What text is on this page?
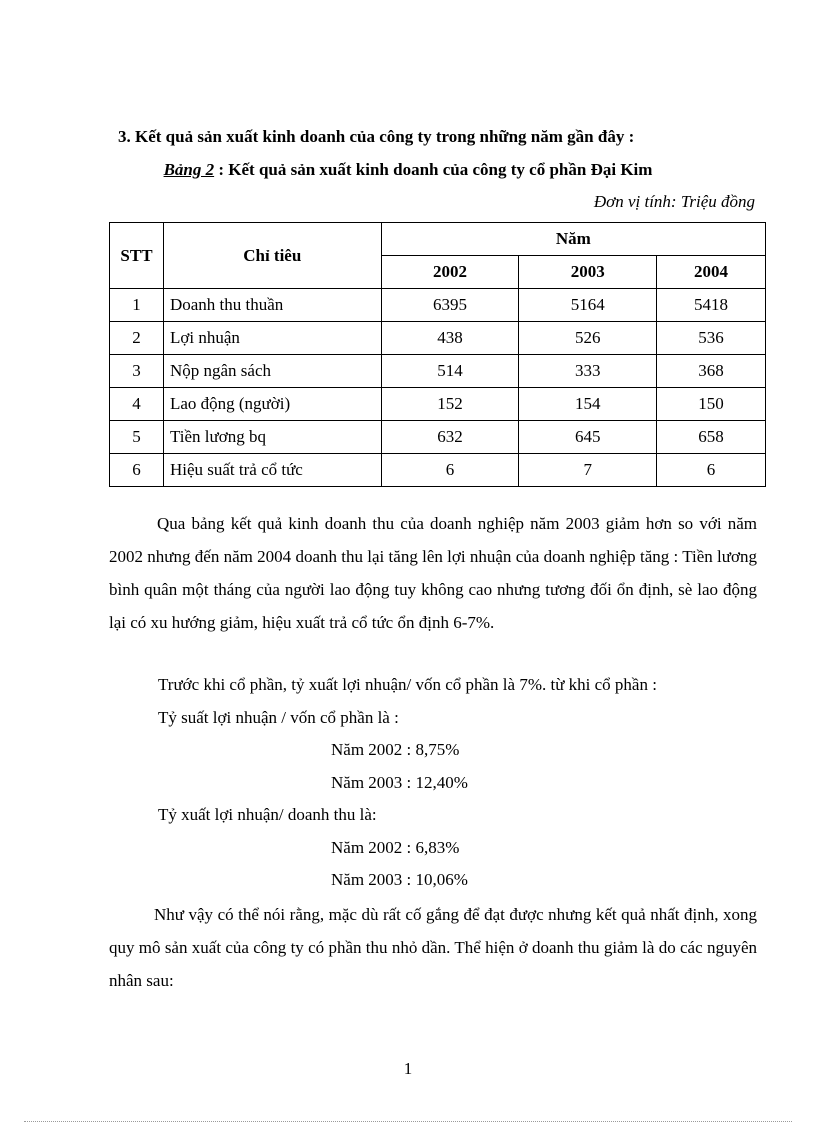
3. Kết quả sản xuất kinh doanh của công ty trong những năm gần đây :
Bảng 2 : Kết quả sản xuất kinh doanh của công ty cổ phần Đại Kim
Đơn vị tính: Triệu đồng
STT	Chỉ tiêu	Năm		
		2002	2003	2004
1	Doanh thu thuần	6395	5164	5418
2	Lợi nhuận	438	526	536
3	Nộp ngân sách	514	333	368
4	Lao động (người)	152	154	150
5	Tiền lương bq	632	645	658
6	Hiệu suất trả cổ tức	6	7	6
Qua bảng kết quả kinh doanh thu của doanh nghiệp năm 2003 giảm hơn so với năm 2002 nhưng đến năm 2004 doanh thu lại tăng lên lợi nhuận của doanh nghiệp tăng : Tiền lương bình quân một tháng của người lao động tuy không cao nhưng tương đối ổn định, sè lao động lại có xu hướng giảm, hiệu xuất trả cổ tức ổn định 6-7%.
Trước khi cổ phần, tỷ xuất lợi nhuận/ vốn cổ phần là 7%. từ khi cổ phần :
Tỷ suất lợi nhuận / vốn cổ phần là :
Năm 2002 : 8,75%
Năm 2003 : 12,40%
Tỷ xuất lợi nhuận/ doanh thu là:
Năm 2002 : 6,83%
Năm 2003 : 10,06%
Như vậy có thể nói rằng, mặc dù rất cố gắng để đạt được nhưng kết quả nhất định, xong quy mô sản xuất của công ty có phần thu nhỏ dần. Thể hiện ở doanh thu giảm là do các nguyên nhân sau:
1
